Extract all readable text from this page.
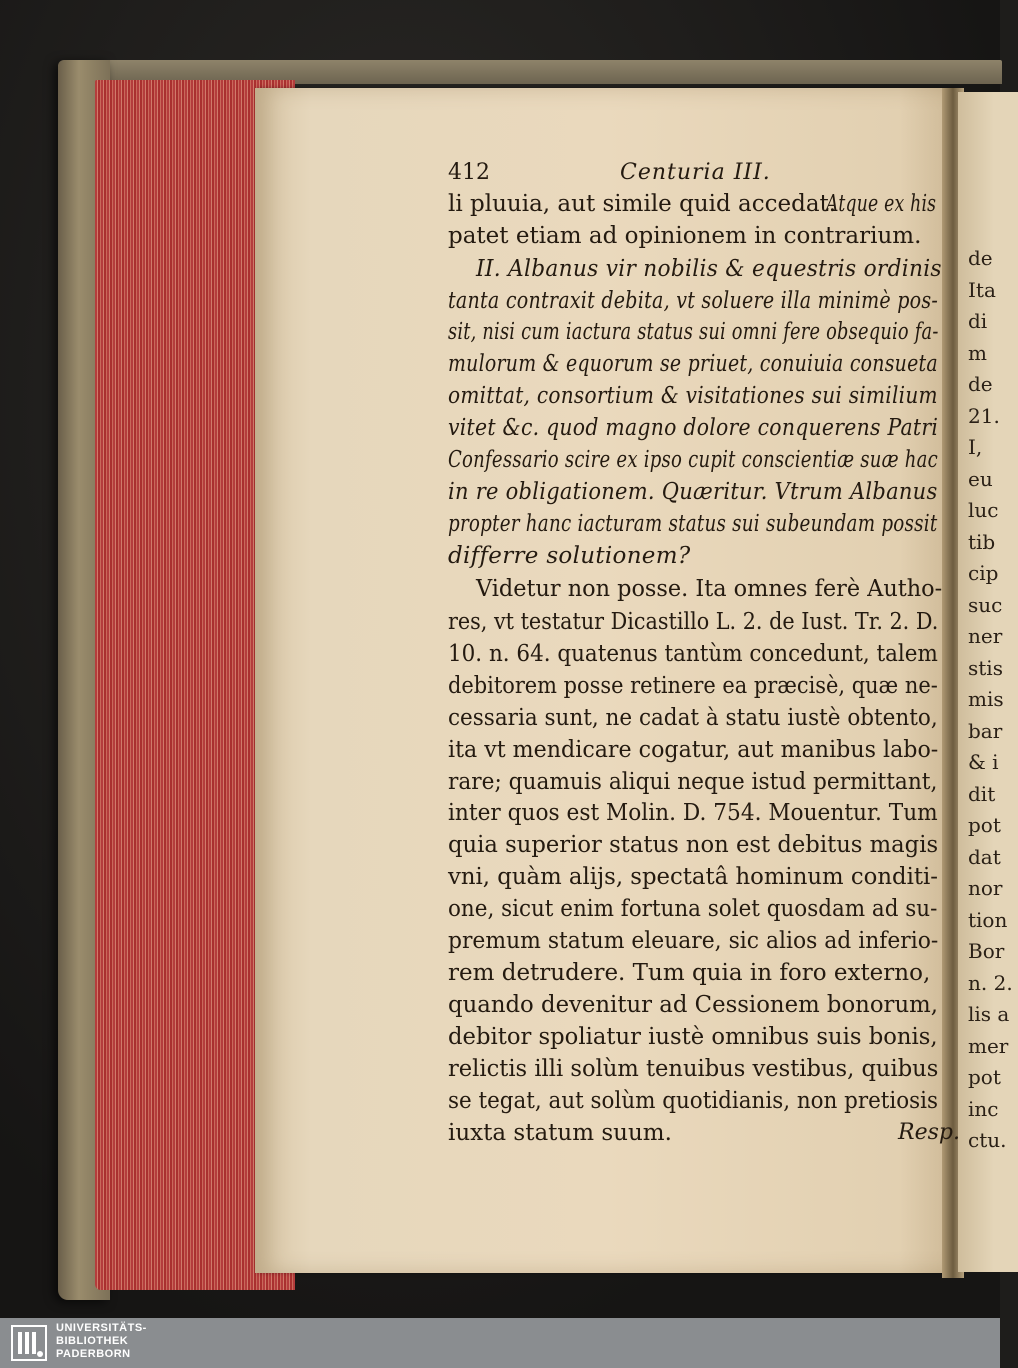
412	Centuria III.

li pluuia, aut simile quid accedat.

Atque ex his

patet etiam ad opinionem in contrarium.

II. Albanus vir nobilis & equestris ordinis

tanta contraxit debita, vt soluere illa minimè pos-

sit, nisi cum iactura status sui omni fere obsequio fa-

mulorum & equorum se priuet, conuiuia consueta

omittat, consortium & visitationes sui similium

vitet &c. quod magno dolore conquerens Patri

Confessario scire ex ipso cupit conscientiæ suæ hac

in re obligationem. Quæritur. Vtrum Albanus

propter hanc iacturam status sui subeundam possit

differre solutionem?

Videtur non posse. Ita omnes ferè Autho-

res, vt testatur Dicastillo L. 2. de Iust. Tr. 2. D.

10. n. 64. quatenus tantùm concedunt, talem

debitorem posse retinere ea præcisè, quæ ne-

cessaria sunt, ne cadat à statu iustè obtento,

ita vt mendicare cogatur, aut manibus labo-

rare; quamuis aliqui neque istud permittant,

inter quos est Molin. D. 754. Mouentur. Tum

quia superior status non est debitus magis

vni, quàm alijs, spectatâ hominum conditi-

one, sicut enim fortuna solet quosdam ad su-

premum statum eleuare, sic alios ad inferio-

rem detrudere. Tum quia in foro externo,

quando devenitur ad Cessionem bonorum,

debitor spoliatur iustè omnibus suis bonis,

relictis illi solùm tenuibus vestibus, quibus

se tegat, aut solùm quotidianis, non pretiosis

iuxta statum suum.

de

Ita

di

m

de

21.

I,

eu

luc

tib

cip

suc

ner

stis

mis

bar

& i

dit

pot

dat

nor

tion

Bor

n. 2.

lis a

mer

pot

inc

ctu.

Resp.
UNIVERSITÄTS-
BIBLIOTHEK
PADERBORN
